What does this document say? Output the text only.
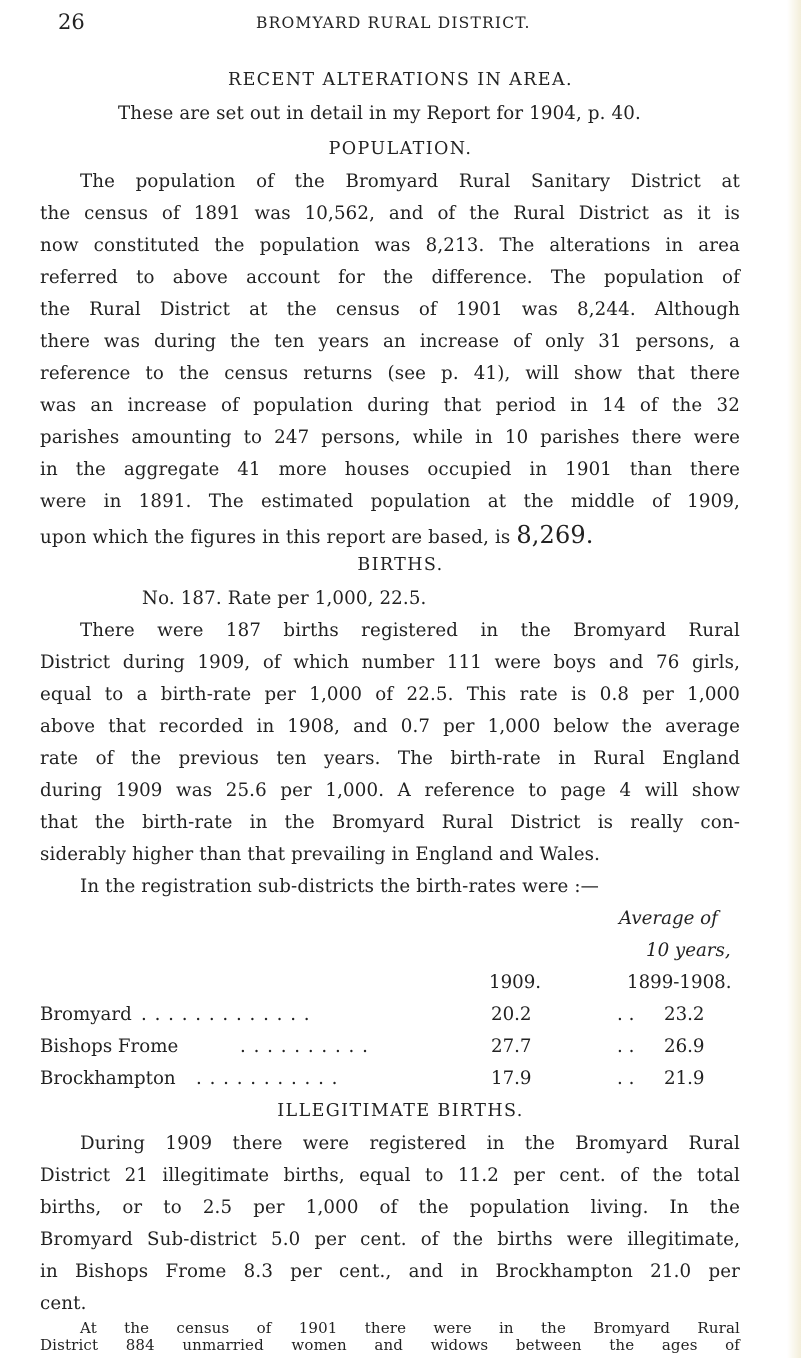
26	BROMYARD RURAL DISTRICT.
RECENT ALTERATIONS IN AREA.
These are set out in detail in my Report for 1904, p. 40.
POPULATION.
The population of the Bromyard Rural Sanitary District at
the census of 1891 was 10,562, and of the Rural District as it is
now constituted the population was 8,213. The alterations in area
referred to above account for the difference. The population of
the Rural District at the census of 1901 was 8,244. Although
there was during the ten years an increase of only 31 persons, a
reference to the census returns (see p. 41), will show that there
was an increase of population during that period in 14 of the 32
parishes amounting to 247 persons, while in 10 parishes there were
in the aggregate 41 more houses occupied in 1901 than there
were in 1891. The estimated population at the middle of 1909,
upon which the figures in this report are based, is 8,269.
BIRTHS.
No. 187. Rate per 1,000, 22.5.
There were 187 births registered in the Bromyard Rural
District during 1909, of which number 111 were boys and 76 girls,
equal to a birth-rate per 1,000 of 22.5. This rate is 0.8 per 1,000
above that recorded in 1908, and 0.7 per 1,000 below the average
rate of the previous ten years. The birth-rate in Rural England
during 1909 was 25.6 per 1,000. A reference to page 4 will show
that the birth-rate in the Bromyard Rural District is really con-
siderably higher than that prevailing in England and Wales.
In the registration sub-districts the birth-rates were :—
Average of
10 years,
1909.	1899-1908.
Bromyard . . . . . . . . . . . . .	20.2	. . 23.2
Bishops Frome	. . . . . . . . . .	27.7	. . 26.9
Brockhampton . . . . . . . . . . .	17.9	. . 21.9
ILLEGITIMATE BIRTHS.
During 1909 there were registered in the Bromyard Rural
District 21 illegitimate births, equal to 11.2 per cent. of the total
births, or to 2.5 per 1,000 of the population living. In the
Bromyard Sub-district 5.0 per cent. of the births were illegitimate,
in Bishops Frome 8.3 per cent., and in Brockhampton 21.0 per
cent.
At the census of 1901 there were in the Bromyard Rural
District 884 unmarried women and widows between the ages of
